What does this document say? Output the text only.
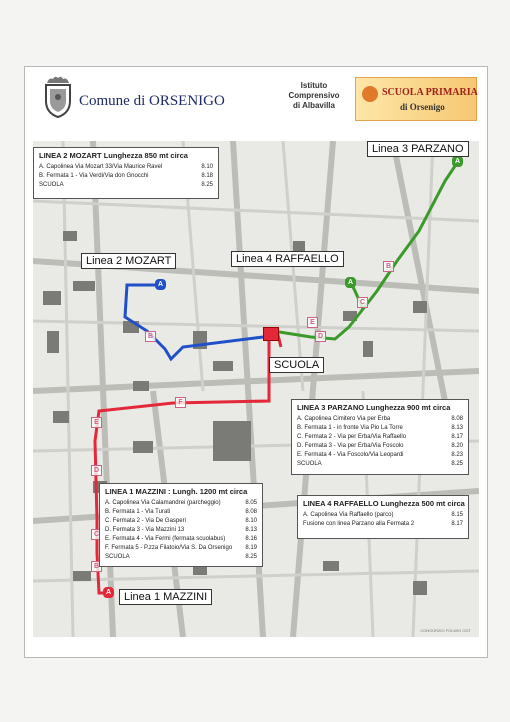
Comune di ORSENIGO
Istituto
Comprensivo
di Albavilla
SCUOLA PRIMARIA
di Orsenigo
A
B
A
B
C
D
E
A
A
B
C
D
E
F
Linea 2 MOZART	Linea 4 RAFFAELLO
Linea 3 PARZANO
SCUOLA
Linea 1 MAZZINI
LINEA 2 MOZART Lunghezza 850 mt circa
A. Capolinea Via Mozart 33/Via Maurice Ravel	8.10
B. Fermata 1 - Via Verdi/Via don Gnocchi	8.18
SCUOLA	8.25
LINEA 3 PARZANO Lunghezza 900 mt circa
A. Capolinea Cimitero Via per Erba	8.08
B. Fermata 1 - in fronte Via Pio La Torre	8.13
C. Fermata 2 - Via per Erba/Via Raffaello	8.17
D. Fermata 3 - Via per Erba/Via Foscolo	8.20
E. Fermata 4 - Via Foscolo/Via Leopardi	8.23
SCUOLA	8.25
LINEA 1 MAZZINI : Lungh. 1200 mt circa
A. Capolinea Via Calamandrei (parcheggio)	8.05
B. Fermata 1 - Via Turati	8.08
C. Fermata 2 - Via De Gasperi	8.10
D. Fermata 3 - Via Mazzini 13	8.13
E. Fermata 4 - Via Fermi (fermata scuolabus)	8.16
F. Fermata 5 - P.zza Filatoio/Via S. Da Orsenigo 8.19
SCUOLA	8.25
LINEA 4 RAFFAELLO Lunghezza 500 mt circa
A. Capolinea Via Raffaello (parco)	8.15
Fusione con linea Parzano alla Fermata 2	8.17
CONSORZIO FOLWIO OGT
